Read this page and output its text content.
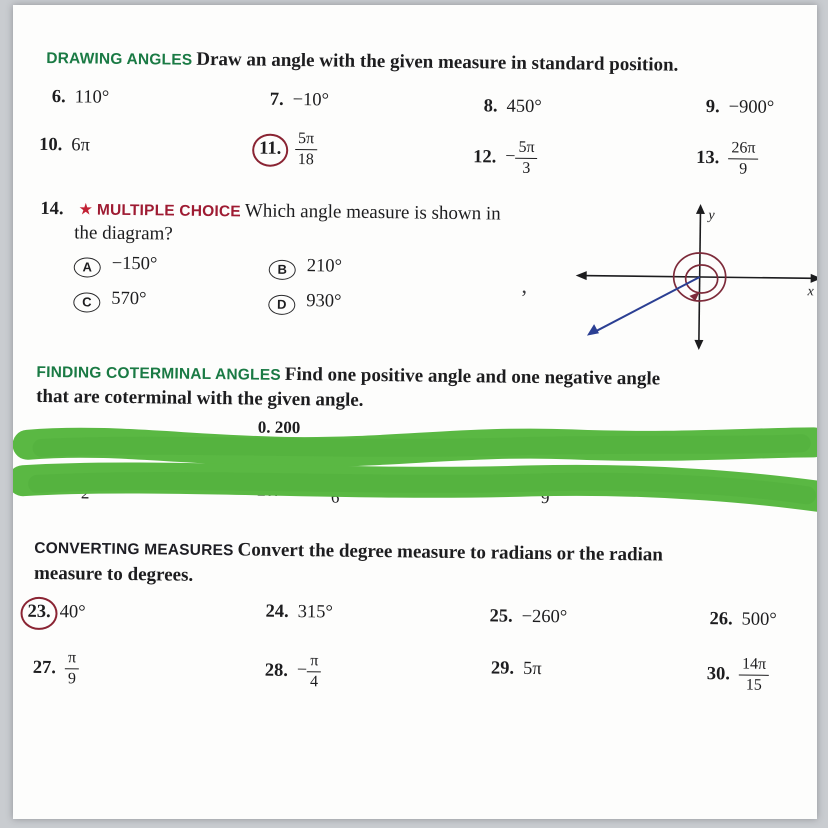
DRAWING ANGLES Draw an angle with the given measure in standard position.
6. 110°	7. −10°	8. 450°	9. −900°
10. 6π	11. $\frac{5\pi}{18}$	12. − $\frac{5\pi}{3}$	13. $\frac{26\pi}{9}$
14. ★ MULTIPLE CHOICE Which angle measure is shown in
the diagram?
A −150°	B 210°
C 570°	D 930°
,
y
x
FINDING COTERMINAL ANGLES Find one positive angle and one negative angle
that are coterminal with the given angle.
0. 200
2	20.	6	9	3
CONVERTING MEASURES Convert the degree measure to radians or the radian
measure to degrees.
23. 40°	24. 315°	25. −260°	26. 500°
27. $\frac{\pi}{9}$	28. − $\frac{\pi}{4}$	29. 5π	30. $\frac{14\pi}{15}$
